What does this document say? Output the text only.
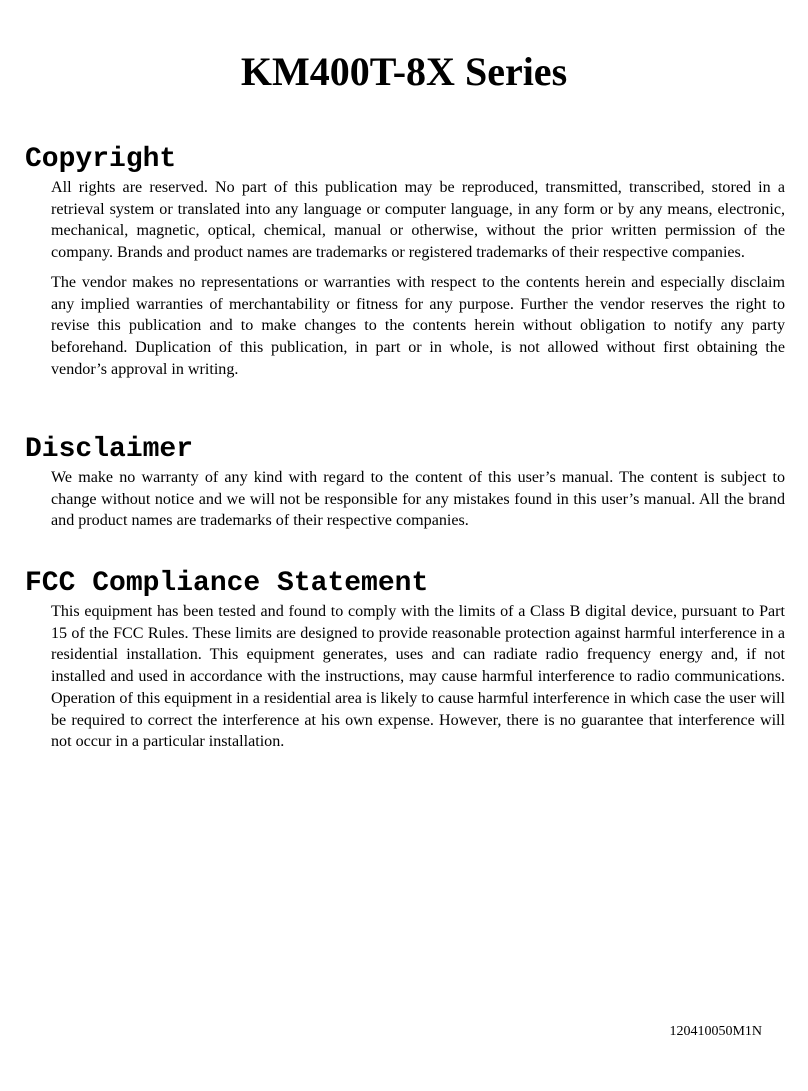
KM400T-8X Series
Copyright

All rights are reserved. No part of this publication may be reproduced, transmitted, transcribed, stored in a retrieval system or translated into any language or computer language, in any form or by any means, electronic, mechanical, magnetic, optical, chemical, manual or otherwise, without the prior written permission of the company. Brands and product names are trademarks or registered trademarks of their respective companies.

The vendor makes no representations or warranties with respect to the contents herein and especially disclaim any implied warranties of merchantability or fitness for any purpose. Further the vendor reserves the right to revise this publication and to make changes to the contents herein without obligation to notify any party beforehand. Duplication of this publication, in part or in whole, is not allowed without first obtaining the vendor’s approval in writing.

Disclaimer

We make no warranty of any kind with regard to the content of this user’s manual. The content is subject to change without notice and we will not be responsible for any mistakes found in this user’s manual. All the brand and product names are trademarks of their respective companies.

FCC Compliance Statement

This equipment has been tested and found to comply with the limits of a Class B digital device, pursuant to Part 15 of the FCC Rules. These limits are designed to provide reasonable protection against harmful interference in a residential installation. This equipment generates, uses and can radiate radio frequency energy and, if not installed and used in accordance with the instructions, may cause harmful interference to radio communications. Operation of this equipment in a residential area is likely to cause harmful interference in which case the user will be required to correct the interference at his own expense. However, there is no guarantee that interference will not occur in a particular installation.

120410050M1N
